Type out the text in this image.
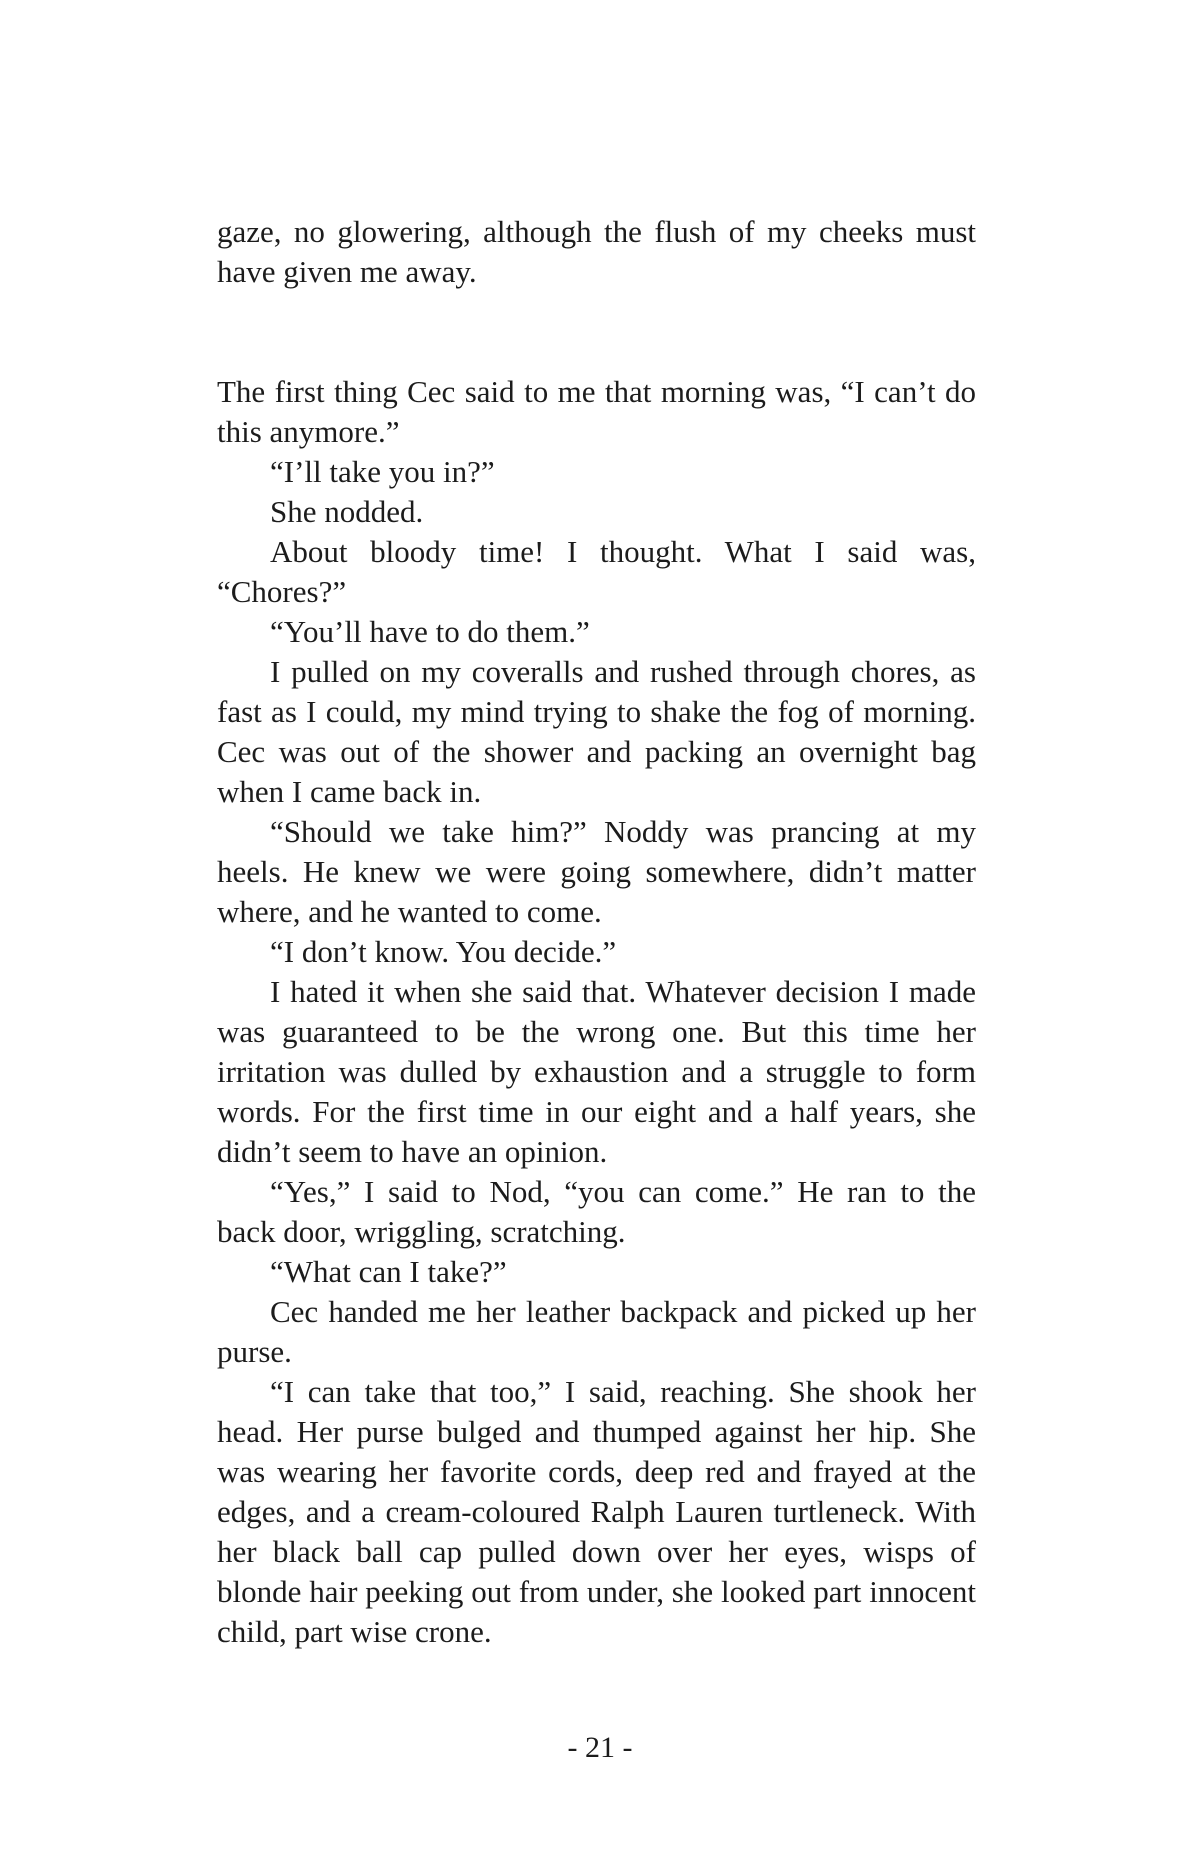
gaze, no glowering, although the flush of my cheeks must have given me away.

The first thing Cec said to me that morning was, “I can’t do this anymore.”

“I’ll take you in?”

She nodded.

About bloody time! I thought. What I said was, “Chores?”

“You’ll have to do them.”

I pulled on my coveralls and rushed through chores, as fast as I could, my mind trying to shake the fog of morning. Cec was out of the shower and packing an overnight bag when I came back in.

“Should we take him?” Noddy was prancing at my heels. He knew we were going somewhere, didn’t matter where, and he wanted to come.

“I don’t know. You decide.”

I hated it when she said that. Whatever decision I made was guaranteed to be the wrong one. But this time her irritation was dulled by exhaustion and a struggle to form words. For the first time in our eight and a half years, she didn’t seem to have an opinion.

“Yes,” I said to Nod, “you can come.” He ran to the back door, wriggling, scratching.

“What can I take?”

Cec handed me her leather backpack and picked up her purse.

“I can take that too,” I said, reaching. She shook her head. Her purse bulged and thumped against her hip. She was wearing her favorite cords, deep red and frayed at the edges, and a cream-coloured Ralph Lauren turtleneck. With her black ball cap pulled down over her eyes, wisps of blonde hair peeking out from under, she looked part innocent child, part wise crone.

- 21 -
